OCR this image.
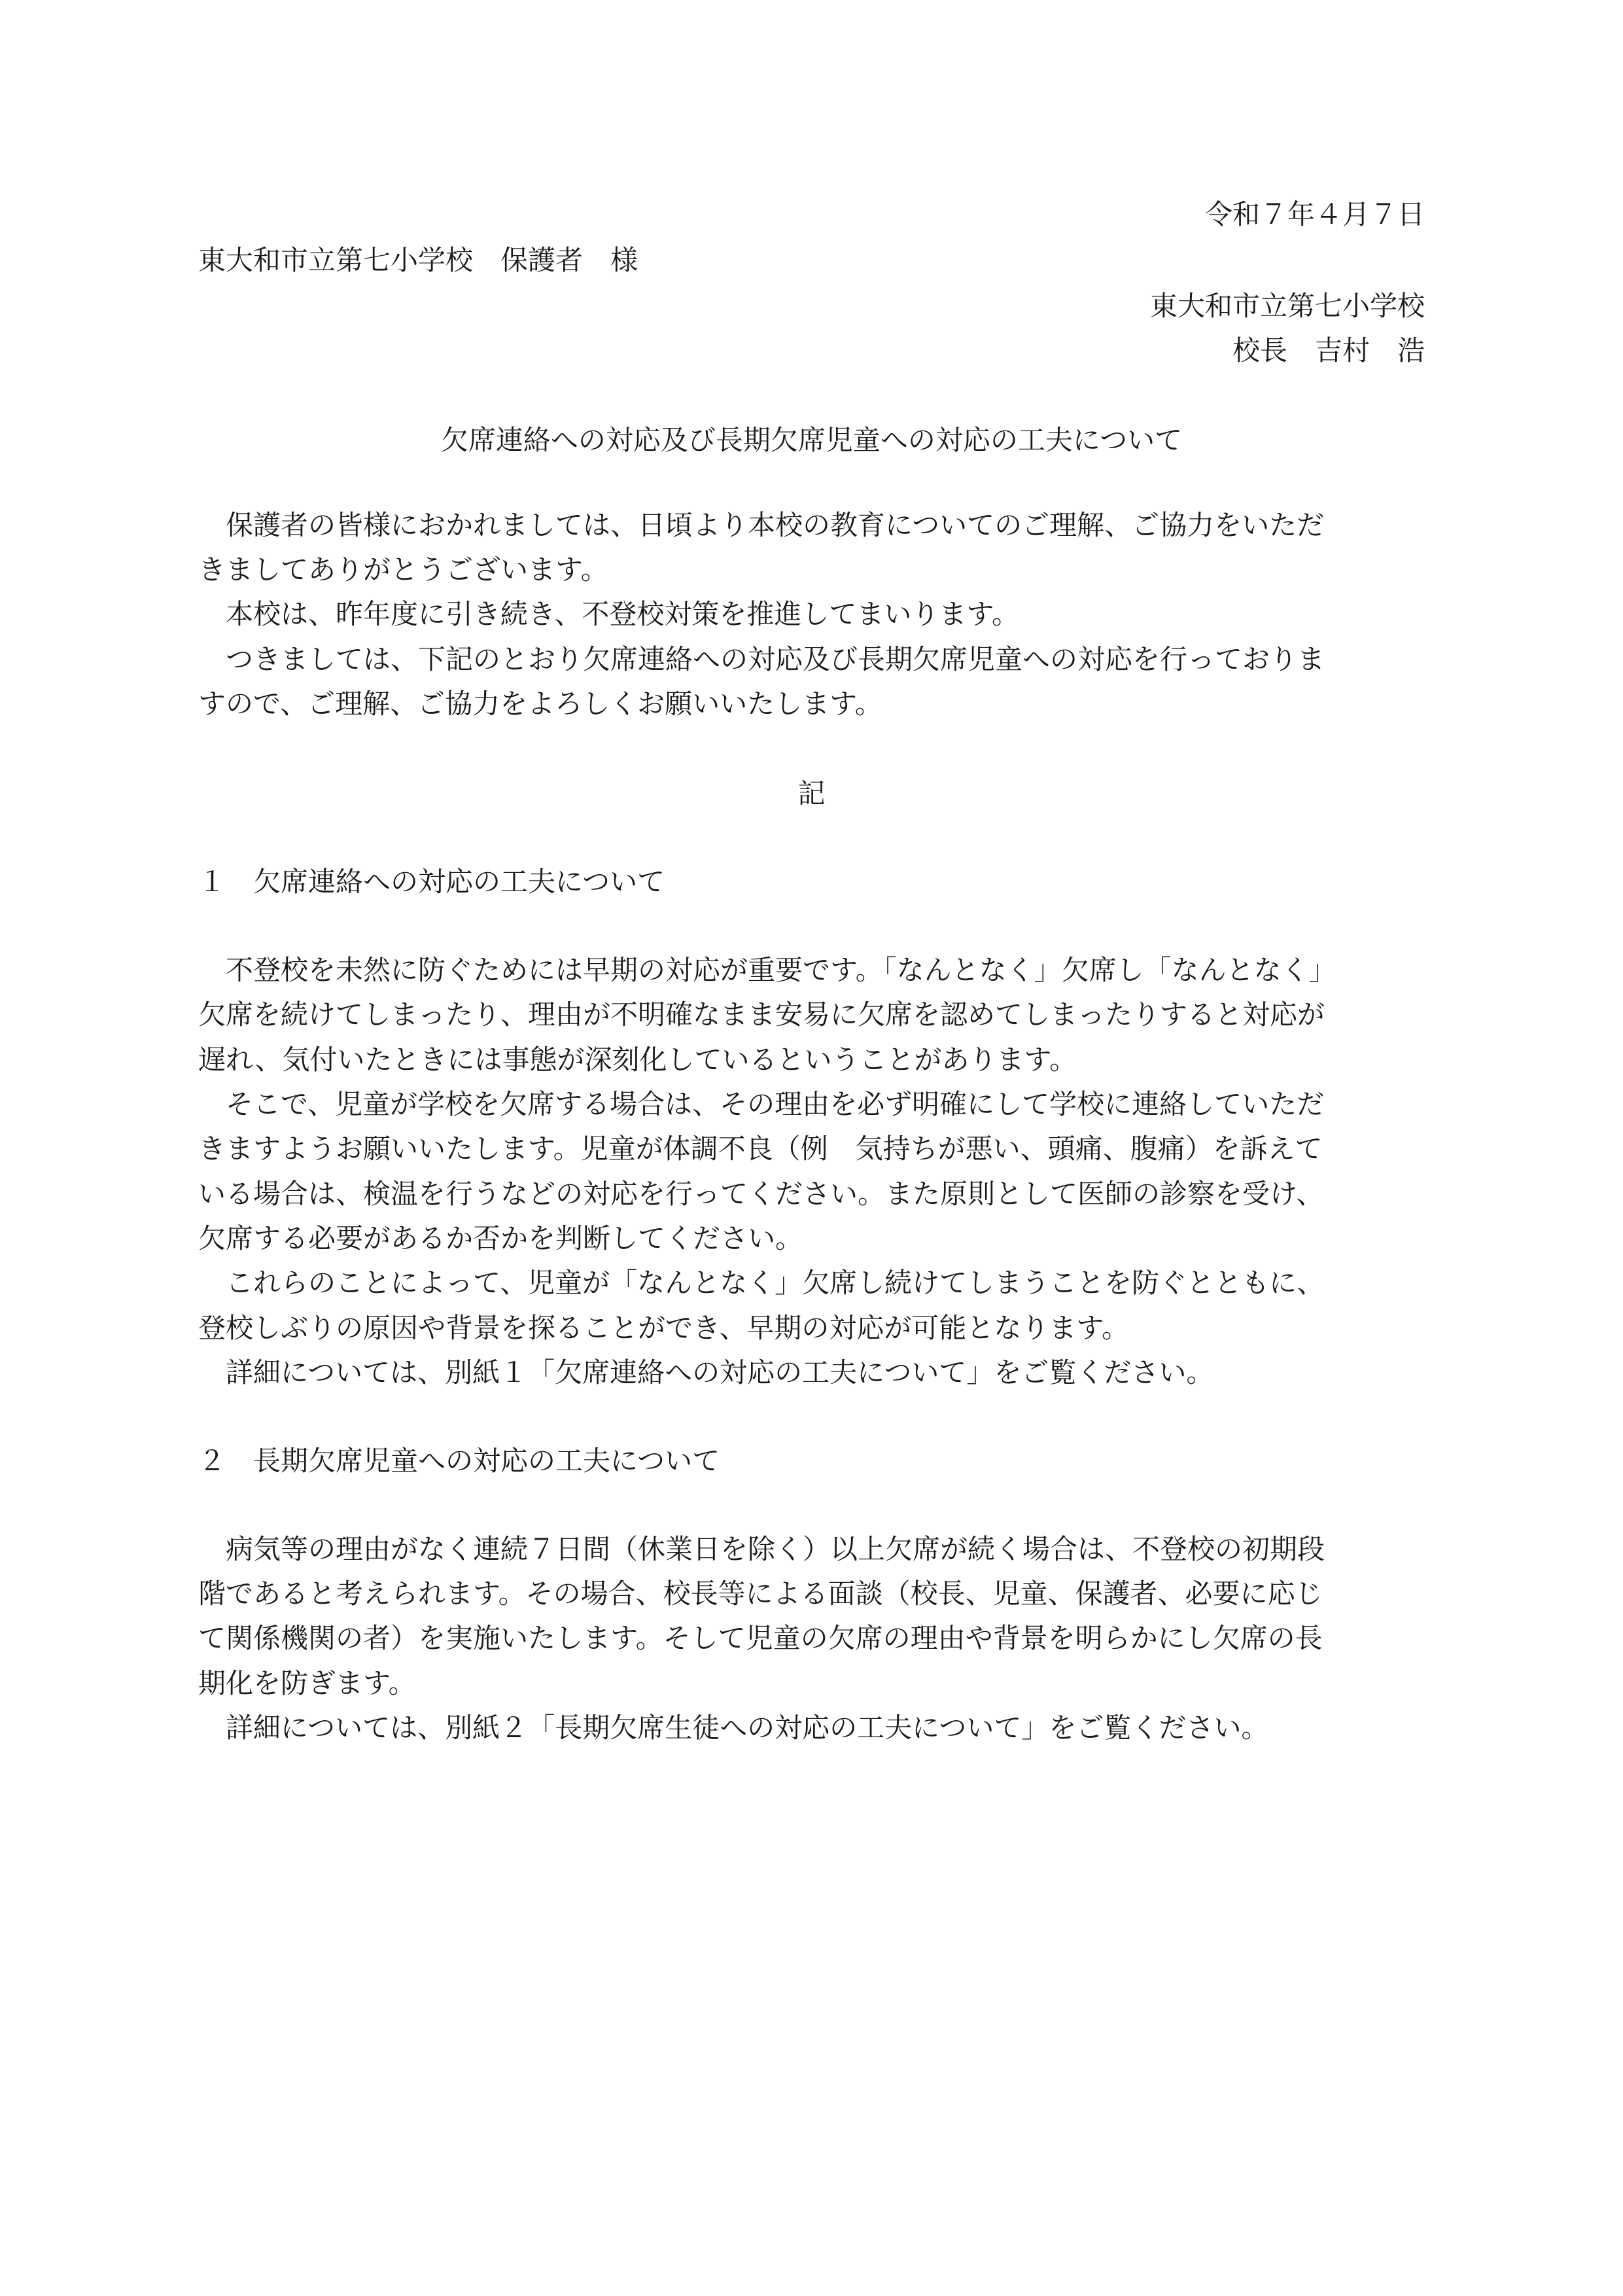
令和７年４月７日

東大和市立第七小学校　保護者　様

東大和市立第七小学校

校長　吉村　浩

欠席連絡への対応及び長期欠席児童への対応の工夫について

　保護者の皆様におかれましては、日頃より本校の教育についてのご理解、ご協力をいただ

きましてありがとうございます。

　本校は、昨年度に引き続き、不登校対策を推進してまいります。

　つきましては、下記のとおり欠席連絡への対応及び長期欠席児童への対応を行っておりま

すので、ご理解、ご協力をよろしくお願いいたします。

記

１　欠席連絡への対応の工夫について

　不登校を未然に防ぐためには早期の対応が重要です。「なんとなく」欠席し「なんとなく」

欠席を続けてしまったり、理由が不明確なまま安易に欠席を認めてしまったりすると対応が

遅れ、気付いたときには事態が深刻化しているということがあります。

　そこで、児童が学校を欠席する場合は、その理由を必ず明確にして学校に連絡していただ

きますようお願いいたします。児童が体調不良（例　気持ちが悪い、頭痛、腹痛）を訴えて

いる場合は、検温を行うなどの対応を行ってください。また原則として医師の診察を受け、

欠席する必要があるか否かを判断してください。

　これらのことによって、児童が「なんとなく」欠席し続けてしまうことを防ぐとともに、

登校しぶりの原因や背景を探ることができ、早期の対応が可能となります。

　詳細については、別紙１「欠席連絡への対応の工夫について」をご覧ください。

２　長期欠席児童への対応の工夫について

　病気等の理由がなく連続７日間（休業日を除く）以上欠席が続く場合は、不登校の初期段

階であると考えられます。その場合、校長等による面談（校長、児童、保護者、必要に応じ

て関係機関の者）を実施いたします。そして児童の欠席の理由や背景を明らかにし欠席の長

期化を防ぎます。

　詳細については、別紙２「長期欠席生徒への対応の工夫について」をご覧ください。
